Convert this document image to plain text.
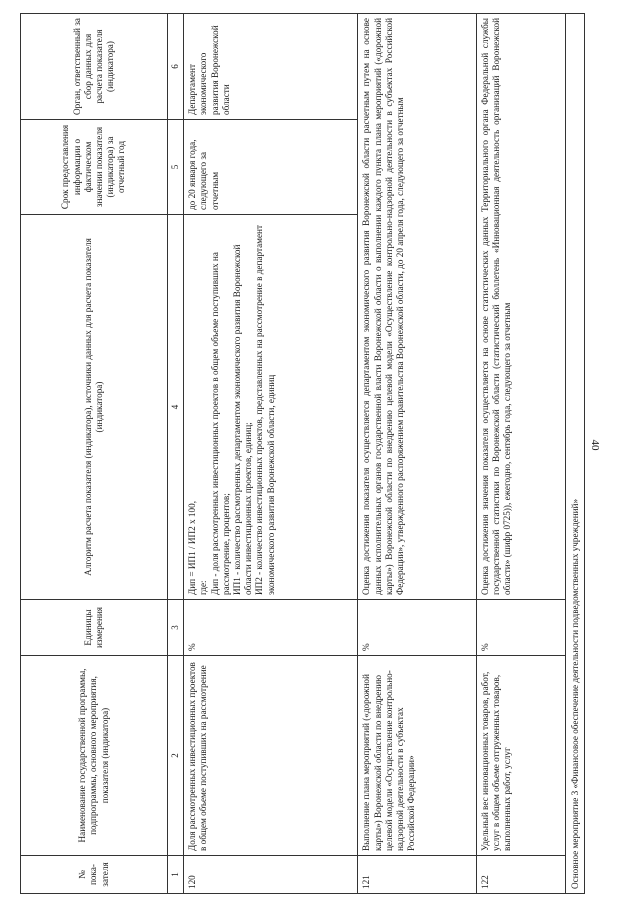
40
№ пока-зателя	Наименование государственной программы, подпрограммы, основного мероприятия, показателя (индикатора)	Единицы измерения	Алгоритм расчета показателя (индикатора), источники данных для расчета показателя (индикатора)	Срок предоставления информации о фактическом значении показателя (индикатора) за отчетный год	Орган, ответственный за сбор данных для расчета показателя (индикатора)
1	2	3	4	5	6
120	Доля рассмотренных инвестиционных проектов в общем объеме поступивших на рассмотрение	%	Дип = ИП1 / ИП2 x 100,
где:
Дип - доля рассмотренных инвестиционных проектов в общем объеме поступивших на рассмотрение, процентов;
ИП1 - количество рассмотренных департаментом экономического развития Воронежской области инвестиционных проектов, единиц;
ИП2 - количество инвестиционных проектов, представленных на рассмотрение в департамент экономического развития Воронежской области, единиц	до 20 января года, следующего за отчетным	Департамент экономического развития Воронежской области
121	Выполнение плана мероприятий («дорожной карты») Воронежской области по внедрению целевой модели «Осуществление контрольно-надзорной деятельности в субъектах Российской Федерации»	%	Оценка достижения показателя осуществляется департаментом экономического развития Воронежской области расчетным путем на основе данных исполнительных органов государственной власти Воронежской области о выполнении каждого пункта плана мероприятий («дорожной карты») Воронежской области по внедрению целевой модели «Осуществление контрольно-надзорной деятельности в субъектах Российской Федерации», утвержденного распоряжением правительства Воронежской области, до 20 апреля года, следующего за отчетным		
122	Удельный вес инновационных товаров, работ, услуг в общем объеме отгруженных товаров, выполненных работ, услуг	%	Оценка достижения значения показателя осуществляется на основе статистических данных Территориального органа Федеральной службы государственной статистики по Воронежской области (статистический бюллетень «Инновационная деятельность организаций Воронежской области» (шифр 0725)), ежегодно, сентябрь года, следующего за отчетным		
Основное мероприятие 3 «Финансовое обеспечение деятельности подведомственных учреждений»					
